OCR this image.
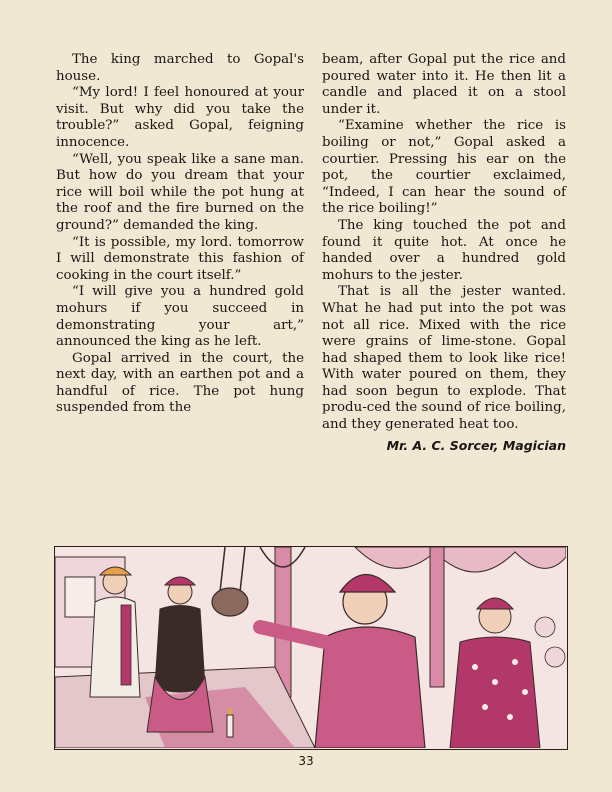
The king marched to Gopal's house.

“My lord! I feel honoured at your visit. But why did you take the trouble?” asked Gopal, feigning innocence.

“Well, you speak like a sane man. But how do you dream that your rice will boil while the pot hung at the roof and the fire burned on the ground?” demanded the king.

“It is possible, my lord. tomorrow I will demonstrate this fashion of cooking in the court itself.”

“I will give you a hundred gold mohurs if you succeed in demonstrating your art,” announced the king as he left.

Gopal arrived in the court, the next day, with an earthen pot and a handful of rice. The pot hung suspended from the

beam, after Gopal put the rice and poured water into it. He then lit a candle and placed it on a stool under it.

“Examine whether the rice is boiling or not,” Gopal asked a courtier. Pressing his ear on the pot, the courtier exclaimed, “Indeed, I can hear the sound of the rice boiling!”

The king touched the pot and found it quite hot. At once he handed over a hundred gold mohurs to the jester.

That is all the jester wanted. What he had put into the pot was not all rice. Mixed with the rice were grains of lime-stone. Gopal had shaped them to look like rice! With water poured on them, they had soon begun to explode. That produ-ced the sound of rice boiling, and they generated heat too.

Mr. A. C. Sorcer, Magician
33
